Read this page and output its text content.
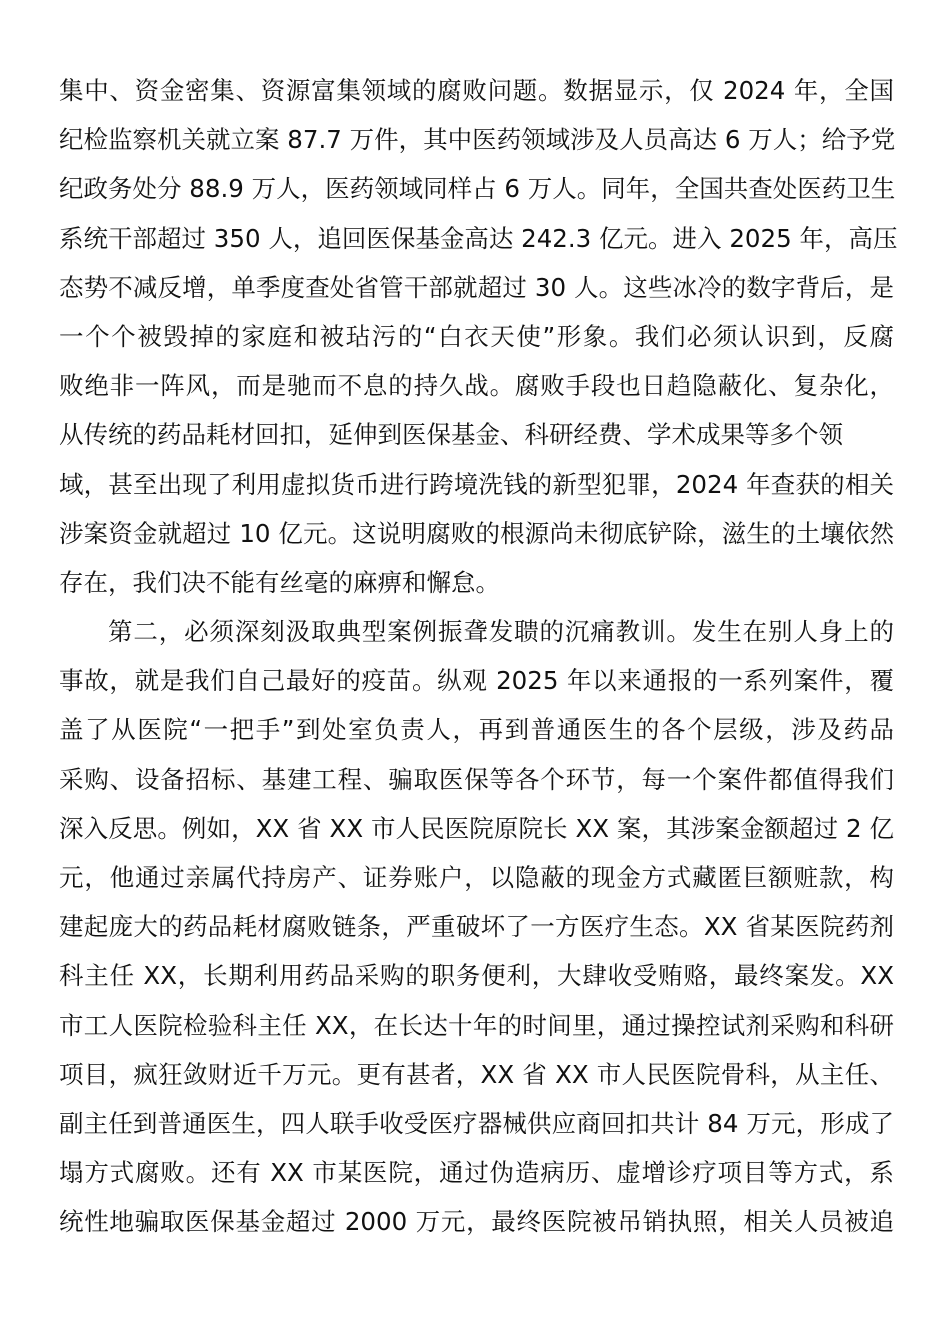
集中、资金密集、资源富集领域的腐败问题。数据显示，仅 2024 年，全国
纪检监察机关就立案 87.7 万件，其中医药领域涉及人员高达 6 万人；给予党
纪政务处分 88.9 万人，医药领域同样占 6 万人。同年，全国共查处医药卫生
系统干部超过 350 人，追回医保基金高达 242.3 亿元。进入 2025 年，高压
态势不减反增，单季度查处省管干部就超过 30 人。这些冰冷的数字背后，是
一个个被毁掉的家庭和被玷污的“白衣天使”形象。我们必须认识到，反腐
败绝非一阵风，而是驰而不息的持久战。腐败手段也日趋隐蔽化、复杂化，
从传统的药品耗材回扣，延伸到医保基金、科研经费、学术成果等多个领
域，甚至出现了利用虚拟货币进行跨境洗钱的新型犯罪，2024 年查获的相关
涉案资金就超过 10 亿元。这说明腐败的根源尚未彻底铲除，滋生的土壤依然
存在，我们决不能有丝毫的麻痹和懈怠。
第二，必须深刻汲取典型案例振聋发聩的沉痛教训。发生在别人身上的
事故，就是我们自己最好的疫苗。纵观 2025 年以来通报的一系列案件，覆
盖了从医院“一把手”到处室负责人，再到普通医生的各个层级，涉及药品
采购、设备招标、基建工程、骗取医保等各个环节，每一个案件都值得我们
深入反思。例如，XX 省 XX 市人民医院原院长 XX 案，其涉案金额超过 2 亿
元，他通过亲属代持房产、证券账户，以隐蔽的现金方式藏匿巨额赃款，构
建起庞大的药品耗材腐败链条，严重破坏了一方医疗生态。XX 省某医院药剂
科主任 XX，长期利用药品采购的职务便利，大肆收受贿赂，最终案发。XX
市工人医院检验科主任 XX，在长达十年的时间里，通过操控试剂采购和科研
项目，疯狂敛财近千万元。更有甚者，XX 省 XX 市人民医院骨科，从主任、
副主任到普通医生，四人联手收受医疗器械供应商回扣共计 84 万元，形成了
塌方式腐败。还有 XX 市某医院，通过伪造病历、虚增诊疗项目等方式，系
统性地骗取医保基金超过 2000 万元，最终医院被吊销执照，相关人员被追
